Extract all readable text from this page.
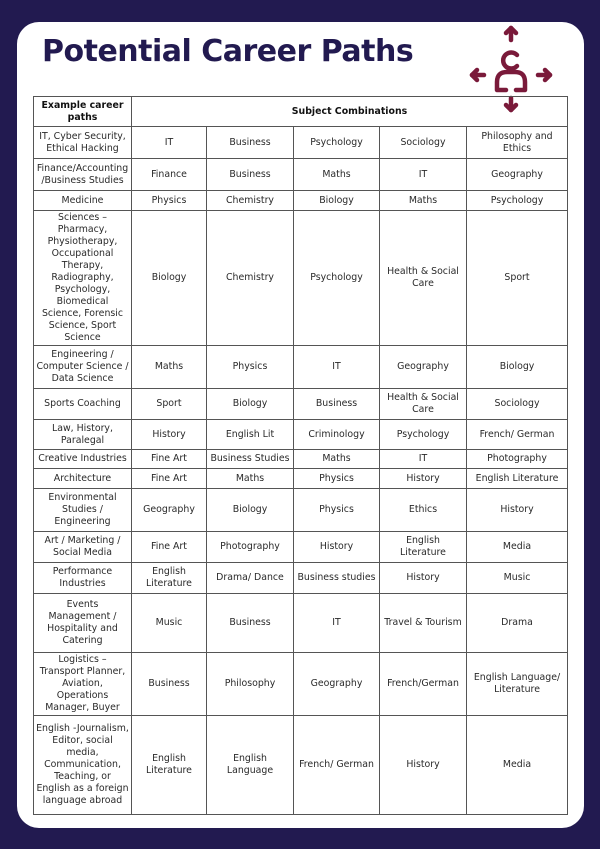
Potential Career Paths
Example career paths	Subject Combinations				
IT, Cyber Security, Ethical Hacking	IT	Business	Psychology	Sociology	Philosophy and Ethics
Finance/Accounting /Business Studies	Finance	Business	Maths	IT	Geography
Medicine	Physics	Chemistry	Biology	Maths	Psychology
Sciences – Pharmacy, Physiotherapy, Occupational Therapy, Radiography, Psychology, Biomedical Science, Forensic Science, Sport Science	Biology	Chemistry	Psychology	Health & Social Care	Sport
Engineering / Computer Science / Data Science	Maths	Physics	IT	Geography	Biology
Sports Coaching	Sport	Biology	Business	Health & Social Care	Sociology
Law, History, Paralegal	History	English Lit	Criminology	Psychology	French/ German
Creative Industries	Fine Art	Business Studies	Maths	IT	Photography
Architecture	Fine Art	Maths	Physics	History	English Literature
Environmental Studies / Engineering	Geography	Biology	Physics	Ethics	History
Art / Marketing / Social Media	Fine Art	Photography	History	English Literature	Media
Performance Industries	English Literature	Drama/ Dance	Business studies	History	Music
Events Management / Hospitality and Catering	Music	Business	IT	Travel & Tourism	Drama
Logistics – Transport Planner, Aviation, Operations Manager, Buyer	Business	Philosophy	Geography	French/German	English Language/ Literature
English -Journalism, Editor, social media, Communication, Teaching, or English as a foreign language abroad	English Literature	English Language	French/ German	History	Media
